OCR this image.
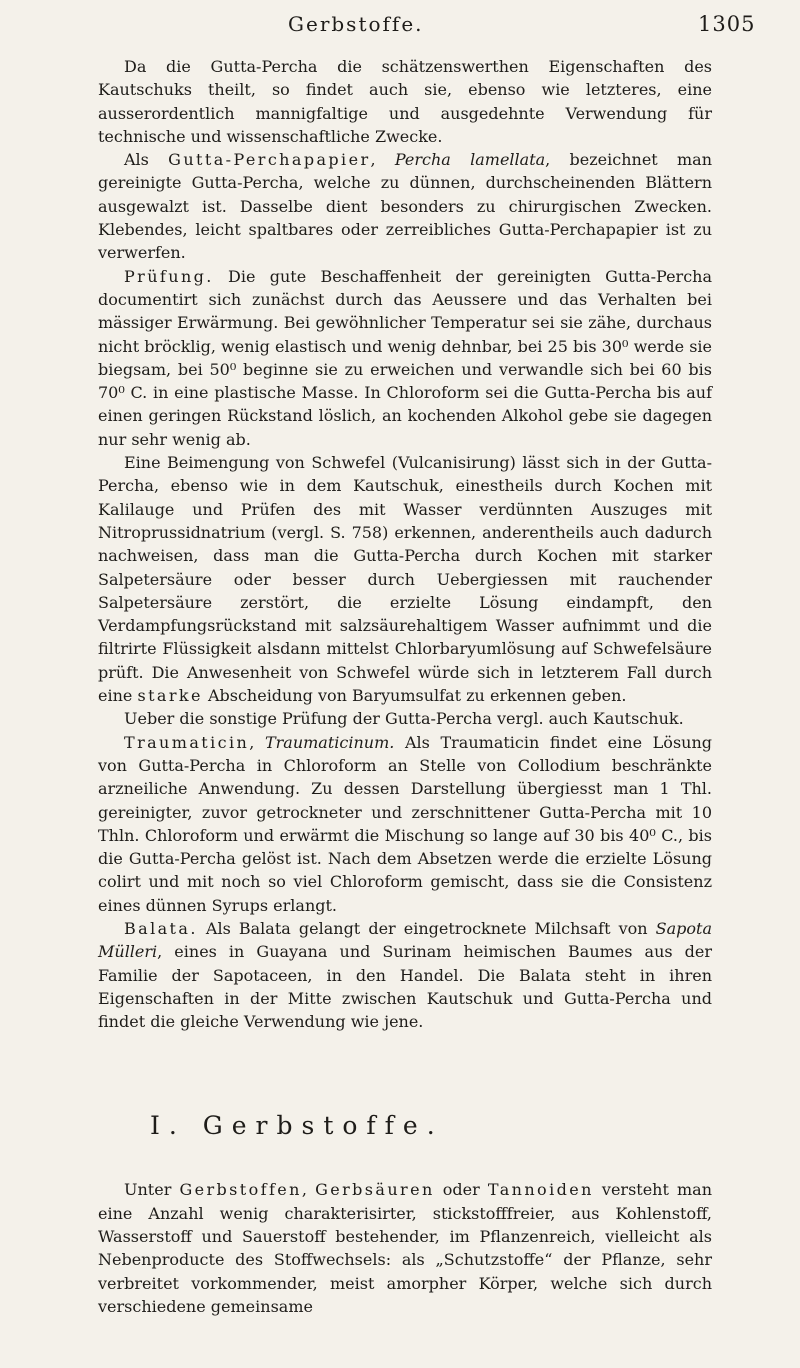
Gerbstoffe.	1305

Da die Gutta-Percha die schätzenswerthen Eigenschaften des Kautschuks theilt, so findet auch sie, ebenso wie letzteres, eine ausserordentlich mannigfaltige und ausgedehnte Verwendung für technische und wissenschaftliche Zwecke.

Als Gutta-Perchapapier, Percha lamellata, bezeichnet man gereinigte Gutta-Percha, welche zu dünnen, durchscheinenden Blättern ausgewalzt ist. Dasselbe dient besonders zu chirurgischen Zwecken. Klebendes, leicht spaltbares oder zerreibliches Gutta-Perchapapier ist zu verwerfen.

Prüfung. Die gute Beschaffenheit der gereinigten Gutta-Percha documentirt sich zunächst durch das Aeussere und das Verhalten bei mässiger Erwärmung. Bei gewöhnlicher Temperatur sei sie zähe, durchaus nicht bröcklig, wenig elastisch und wenig dehnbar, bei 25 bis 30⁰ werde sie biegsam, bei 50⁰ beginne sie zu erweichen und verwandle sich bei 60 bis 70⁰ C. in eine plastische Masse. In Chloroform sei die Gutta-Percha bis auf einen geringen Rückstand löslich, an kochenden Alkohol gebe sie dagegen nur sehr wenig ab.

Eine Beimengung von Schwefel (Vulcanisirung) lässt sich in der Gutta-Percha, ebenso wie in dem Kautschuk, einestheils durch Kochen mit Kalilauge und Prüfen des mit Wasser verdünnten Auszuges mit Nitroprussidnatrium (vergl. S. 758) erkennen, anderentheils auch dadurch nachweisen, dass man die Gutta-Percha durch Kochen mit starker Salpetersäure oder besser durch Uebergiessen mit rauchender Salpetersäure zerstört, die erzielte Lösung eindampft, den Verdampfungsrückstand mit salzsäurehaltigem Wasser aufnimmt und die filtrirte Flüssigkeit alsdann mittelst Chlorbaryumlösung auf Schwefelsäure prüft. Die Anwesenheit von Schwefel würde sich in letzterem Fall durch eine starke Abscheidung von Baryumsulfat zu erkennen geben.

Ueber die sonstige Prüfung der Gutta-Percha vergl. auch Kautschuk.

Traumaticin, Traumaticinum. Als Traumaticin findet eine Lösung von Gutta-Percha in Chloroform an Stelle von Collodium beschränkte arzneiliche Anwendung. Zu dessen Darstellung übergiesst man 1 Thl. gereinigter, zuvor getrockneter und zerschnittener Gutta-Percha mit 10 Thln. Chloroform und erwärmt die Mischung so lange auf 30 bis 40⁰ C., bis die Gutta-Percha gelöst ist. Nach dem Absetzen werde die erzielte Lösung colirt und mit noch so viel Chloroform gemischt, dass sie die Consistenz eines dünnen Syrups erlangt.

Balata. Als Balata gelangt der eingetrocknete Milchsaft von Sapota Mülleri, eines in Guayana und Surinam heimischen Baumes aus der Familie der Sapotaceen, in den Handel. Die Balata steht in ihren Eigenschaften in der Mitte zwischen Kautschuk und Gutta-Percha und findet die gleiche Verwendung wie jene.

I. Gerbstoffe.

Unter Gerbstoffen, Gerbsäuren oder Tannoiden versteht man eine Anzahl wenig charakterisirter, stickstofffreier, aus Kohlenstoff, Wasserstoff und Sauerstoff bestehender, im Pflanzenreich, vielleicht als Nebenproducte des Stoffwechsels: als „Schutzstoffe“ der Pflanze, sehr verbreitet vorkommender, meist amorpher Körper, welche sich durch verschiedene gemeinsame
